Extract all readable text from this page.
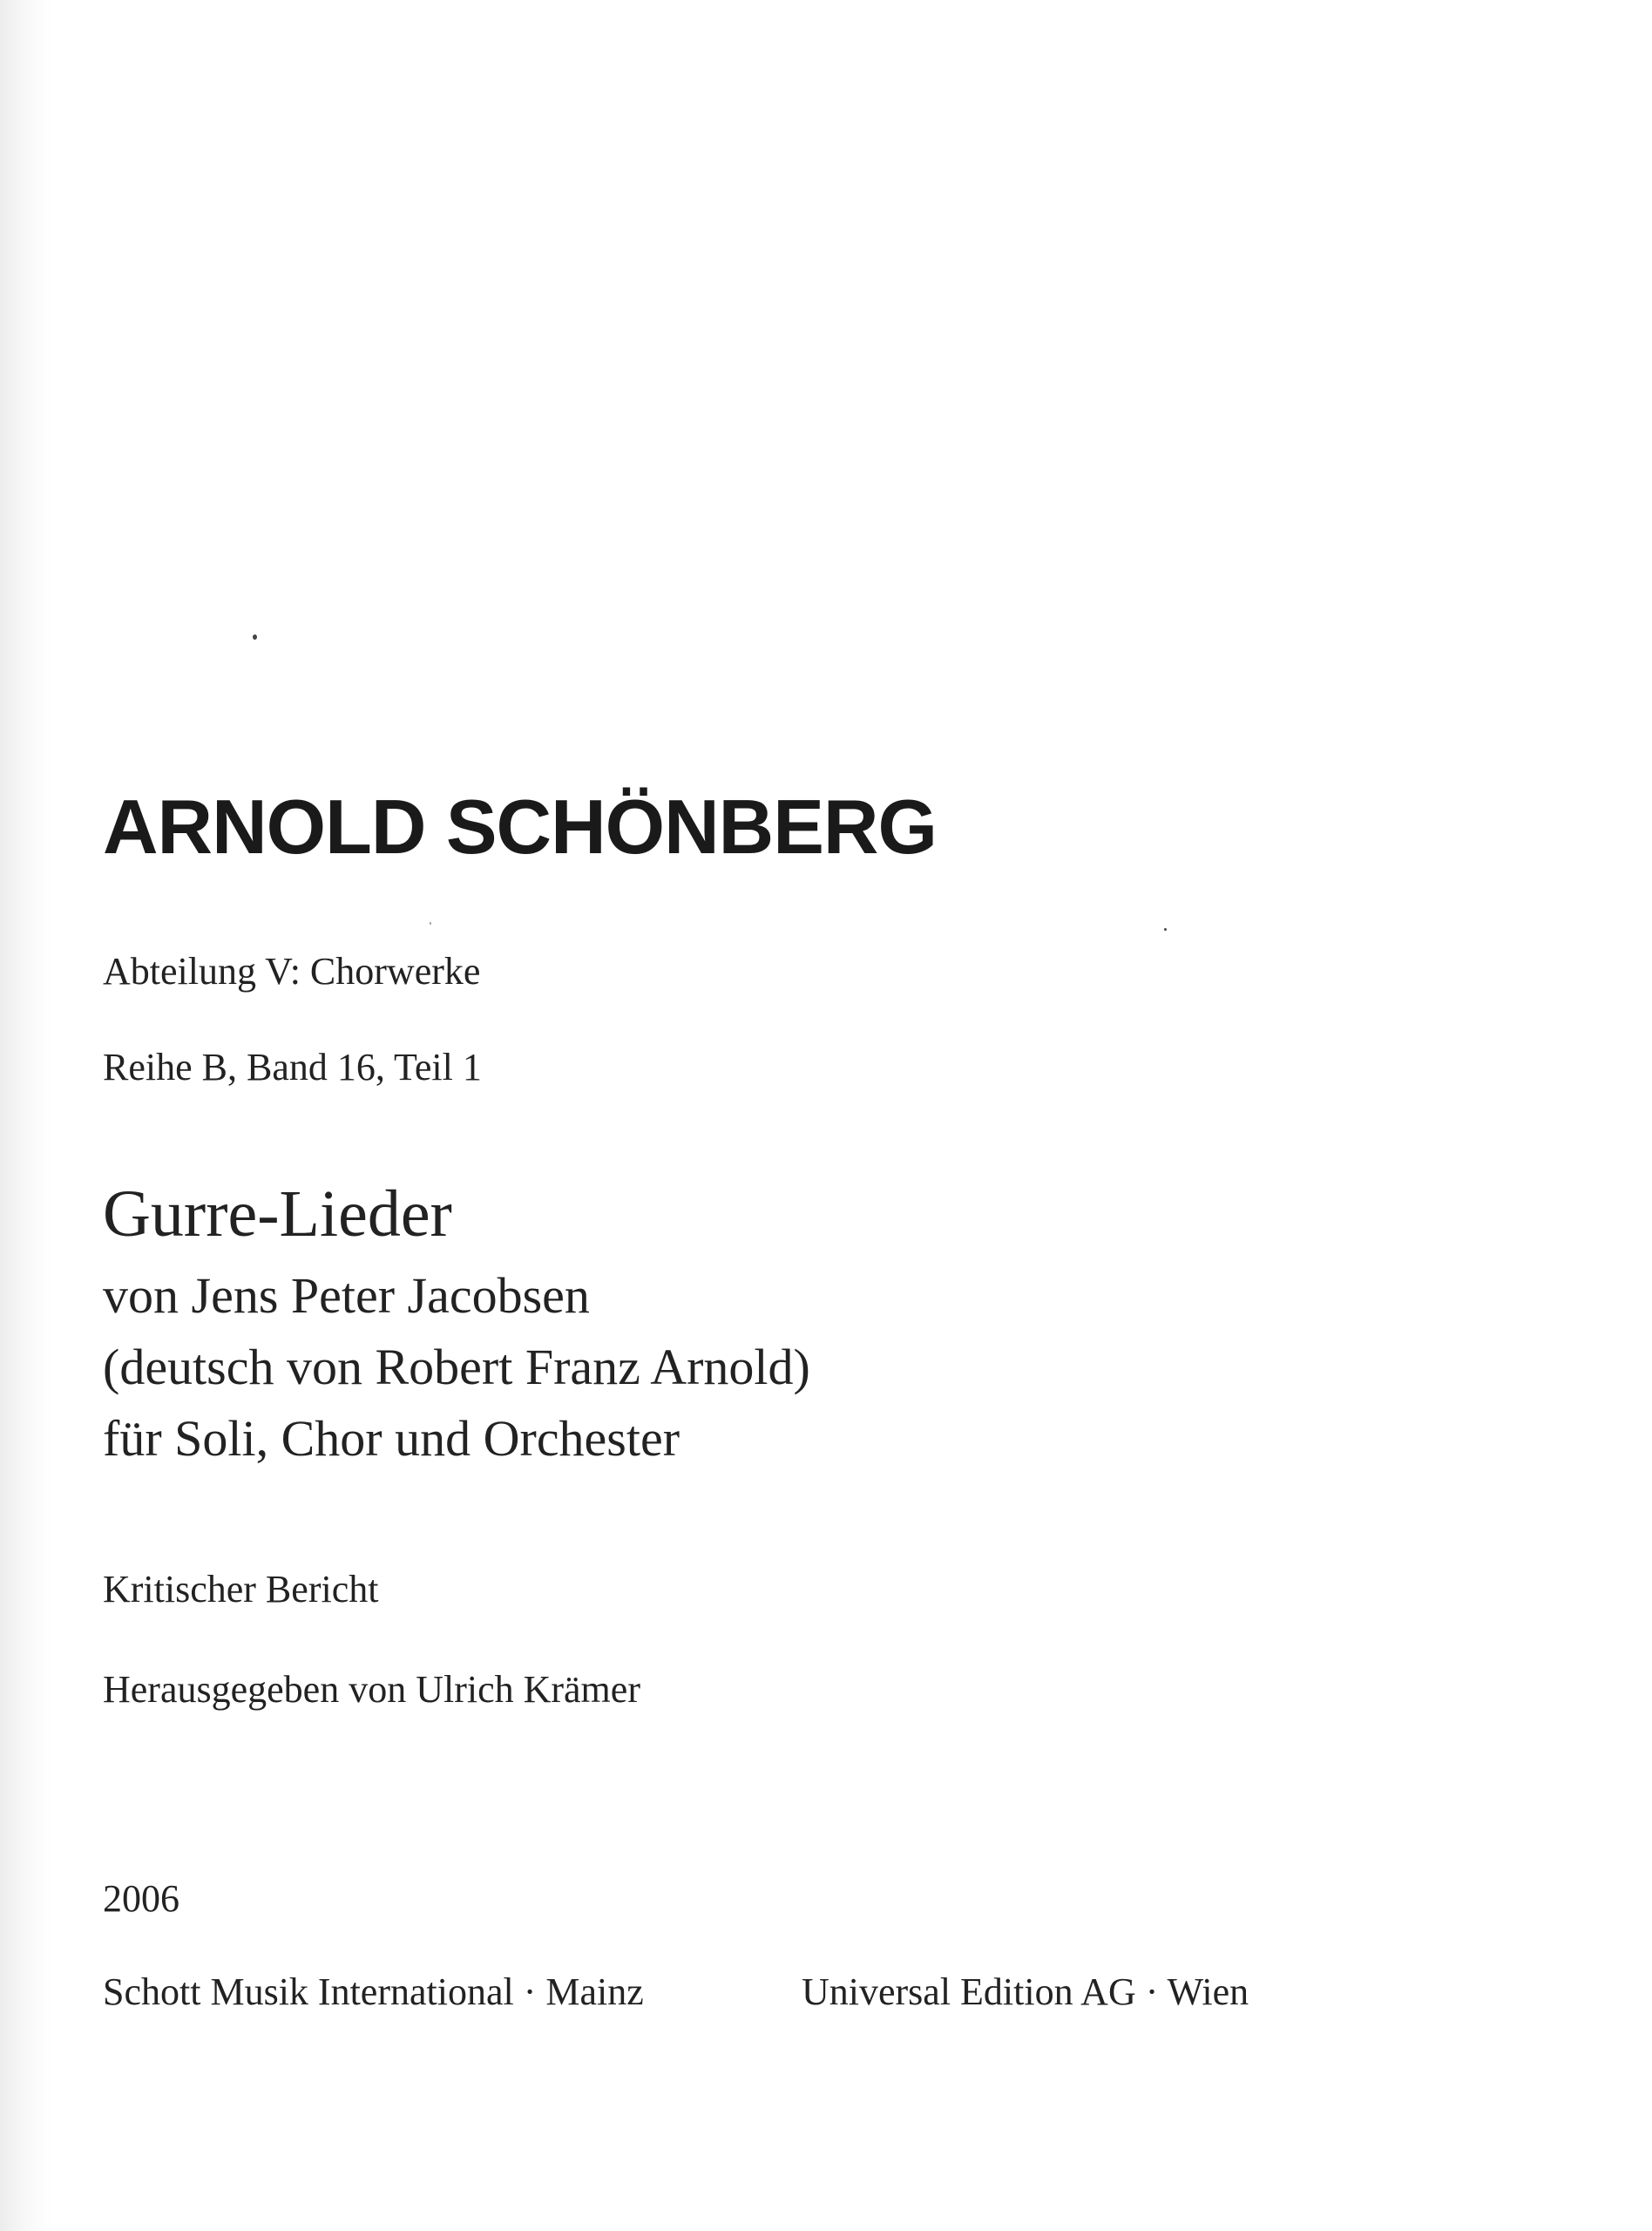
ARNOLD SCHÖNBERG
Abteilung V: Chorwerke
Reihe B, Band 16, Teil 1
Gurre-Lieder
von Jens Peter Jacobsen
(deutsch von Robert Franz Arnold)
für Soli, Chor und Orchester
Kritischer Bericht
Herausgegeben von Ulrich Krämer
2006
Schott Musik International · Mainz	Universal Edition AG · Wien
